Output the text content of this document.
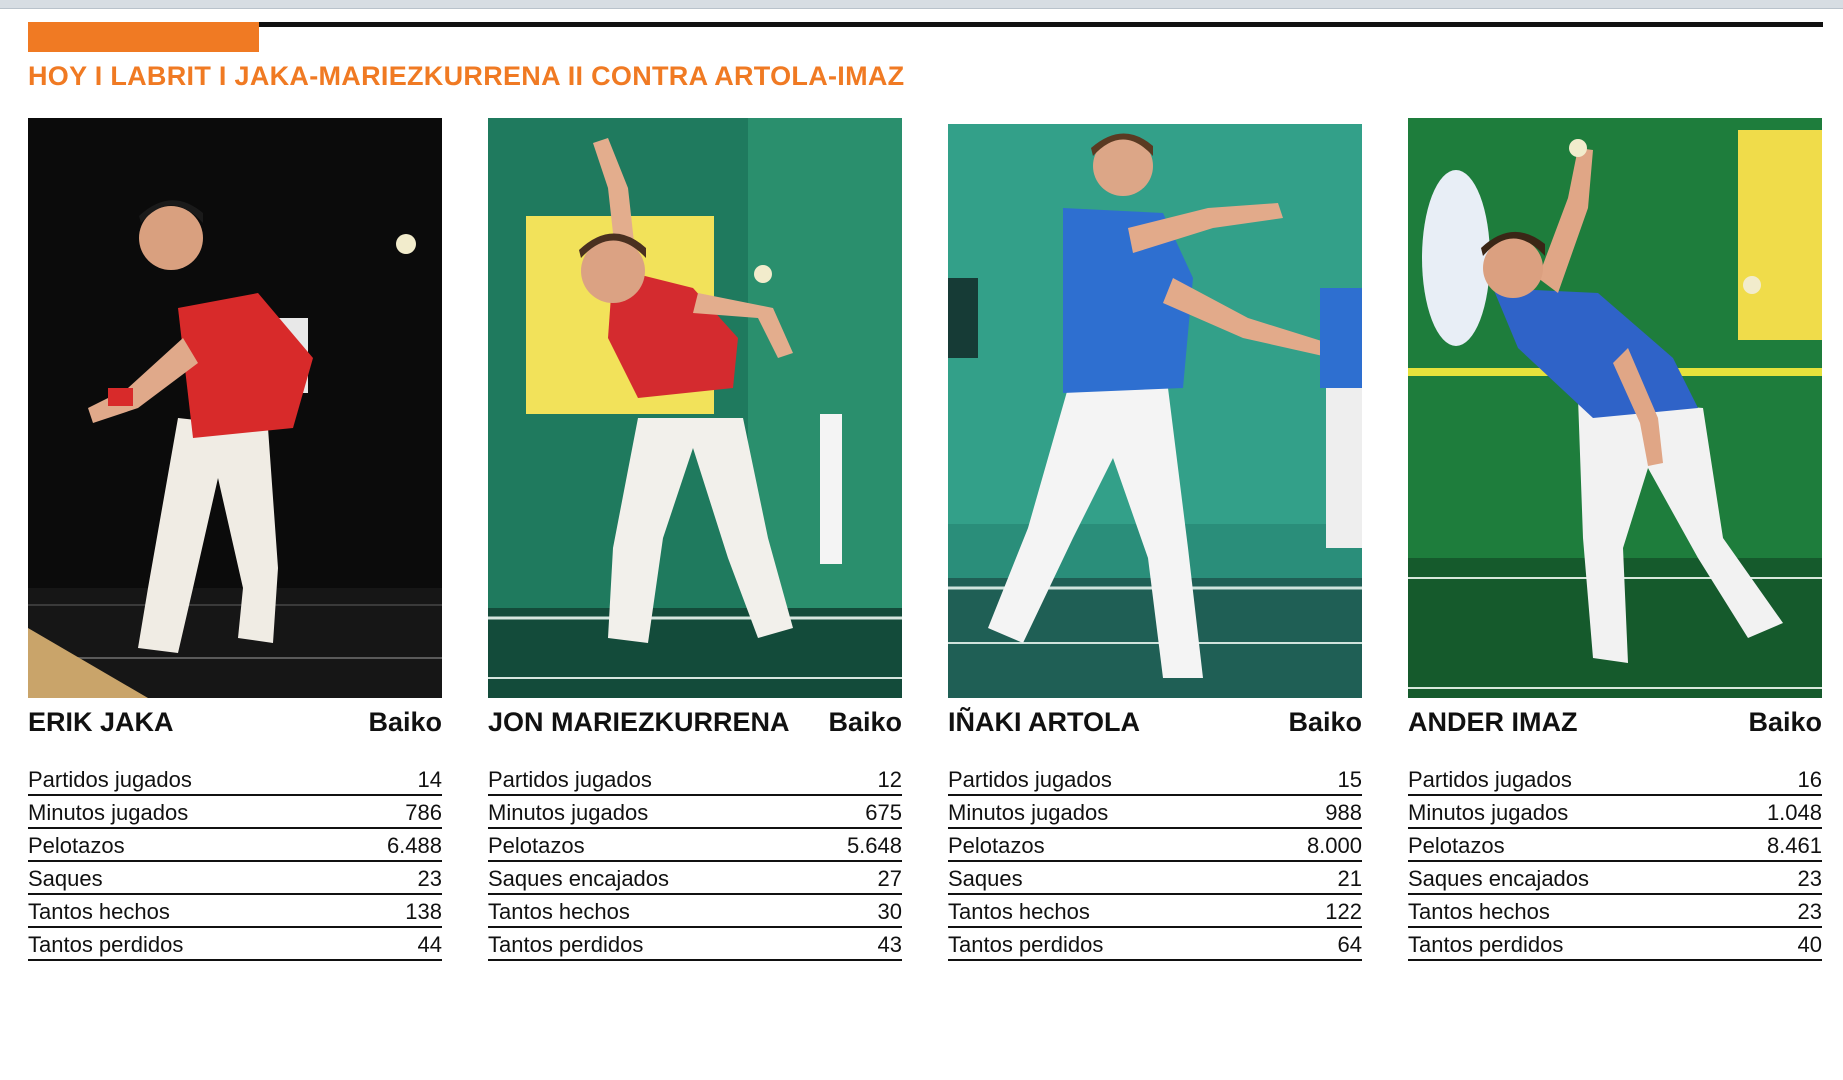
HOY I LABRIT I JAKA-MARIEZKURRENA II CONTRA ARTOLA-IMAZ
ERIK JAKA	Baiko
Partidos jugados	14
Minutos jugados	786
Pelotazos	6.488
Saques	23
Tantos hechos	138
Tantos perdidos	44
JON MARIEZKURRENA Baiko
Partidos jugados	12
Minutos jugados	675
Pelotazos	5.648
Saques encajados	27
Tantos hechos	30
Tantos perdidos	43
IÑAKI ARTOLA	Baiko
Partidos jugados	15
Minutos jugados	988
Pelotazos	8.000
Saques	21
Tantos hechos	122
Tantos perdidos	64
ANDER IMAZ	Baiko
Partidos jugados	16
Minutos jugados	1.048
Pelotazos	8.461
Saques encajados	23
Tantos hechos	23
Tantos perdidos	40
